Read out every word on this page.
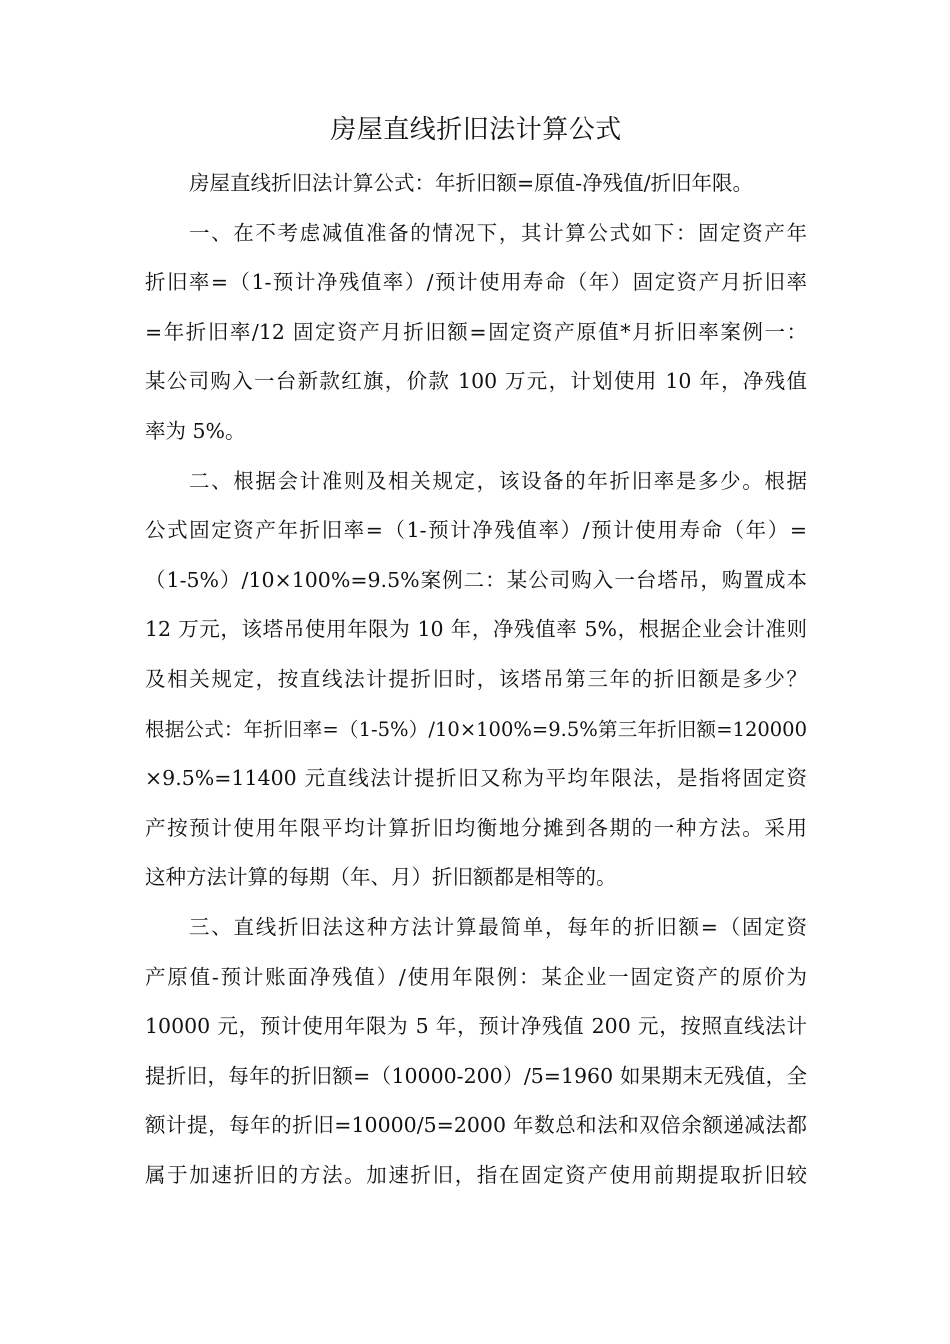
房屋直线折旧法计算公式
房屋直线折旧法计算公式：年折旧额=原值-净残值/折旧年限。
一、在不考虑减值准备的情况下，其计算公式如下：固定资产年
折旧率=（1-预计净残值率）/预计使用寿命（年）固定资产月折旧率
=年折旧率/12 固定资产月折旧额=固定资产原值*月折旧率案例一：
某公司购入一台新款红旗，价款 100 万元，计划使用 10 年，净残值
率为 5%。
二、根据会计准则及相关规定，该设备的年折旧率是多少。根据
公式固定资产年折旧率=（1-预计净残值率）/预计使用寿命（年）=
（1-5%）/10×100%=9.5%案例二：某公司购入一台塔吊，购置成本
12 万元，该塔吊使用年限为 10 年，净残值率 5%，根据企业会计准则
及相关规定，按直线法计提折旧时，该塔吊第三年的折旧额是多少？
根据公式：年折旧率=（1-5%）/10×100%=9.5%第三年折旧额=120000
×9.5%=11400 元直线法计提折旧又称为平均年限法，是指将固定资
产按预计使用年限平均计算折旧均衡地分摊到各期的一种方法。采用
这种方法计算的每期（年、月）折旧额都是相等的。
三、直线折旧法这种方法计算最简单，每年的折旧额=（固定资
产原值-预计账面净残值）/使用年限例：某企业一固定资产的原价为
10000 元，预计使用年限为 5 年，预计净残值 200 元，按照直线法计
提折旧，每年的折旧额=（10000-200）/5=1960 如果期末无残值，全
额计提，每年的折旧=10000/5=2000 年数总和法和双倍余额递减法都
属于加速折旧的方法。加速折旧，指在固定资产使用前期提取折旧较
